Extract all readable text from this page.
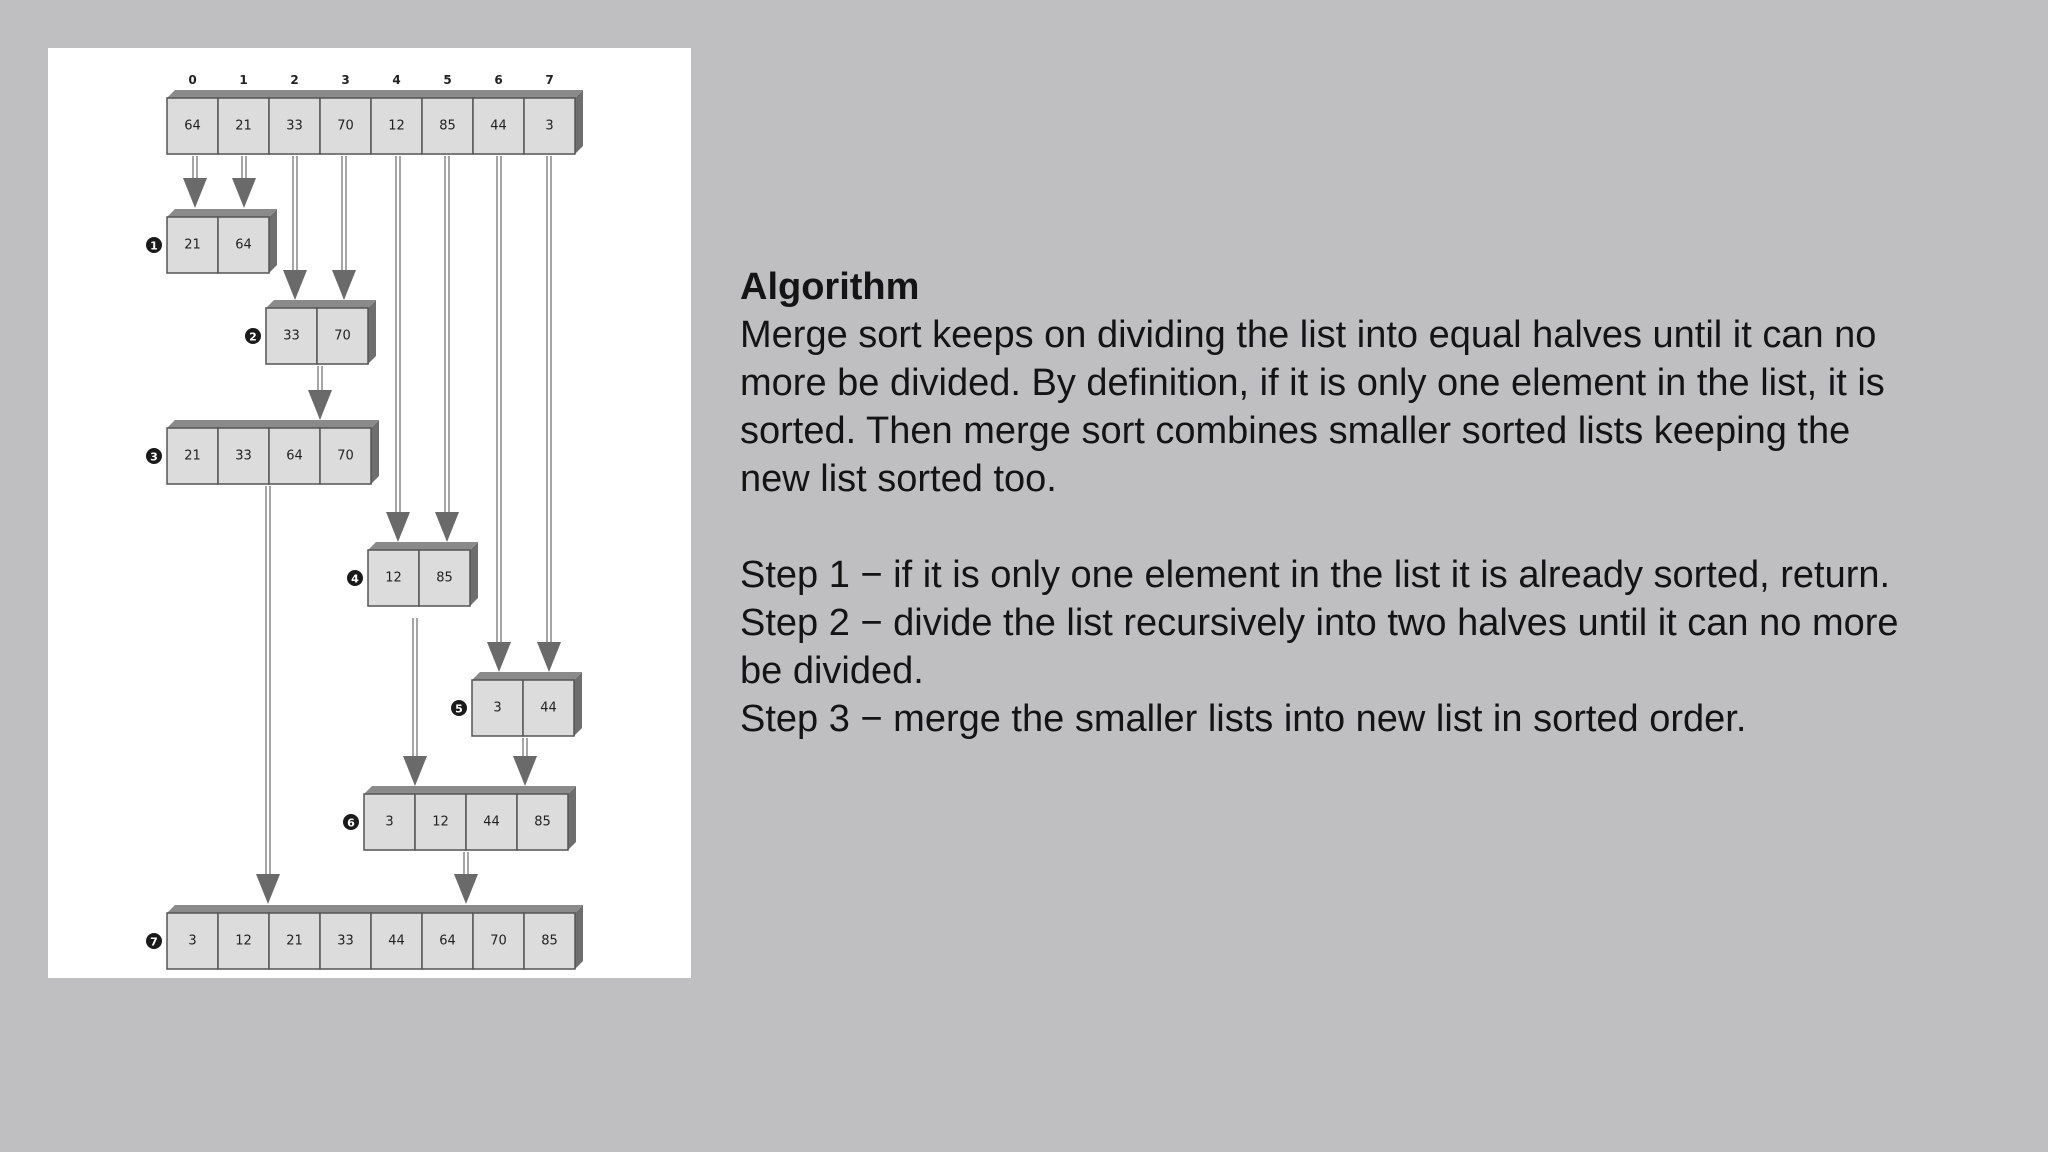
0	1	2	3	4	5	6	7
64	21	33	70	12	85	44	3
21	64
1
33	70
2
21	33	64	70
3
12	85
4
3	44
5
3	12	44	85
6
3	12	21	33	44	64	70	85
7

Algorithm

Merge sort keeps on dividing the list into equal halves until it can no

more be divided. By definition, if it is only one element in the list, it is

sorted. Then merge sort combines smaller sorted lists keeping the

new list sorted too.

Step 1 − if it is only one element in the list it is already sorted, return.

Step 2 − divide the list recursively into two halves until it can no more

be divided.

Step 3 − merge the smaller lists into new list in sorted order.
